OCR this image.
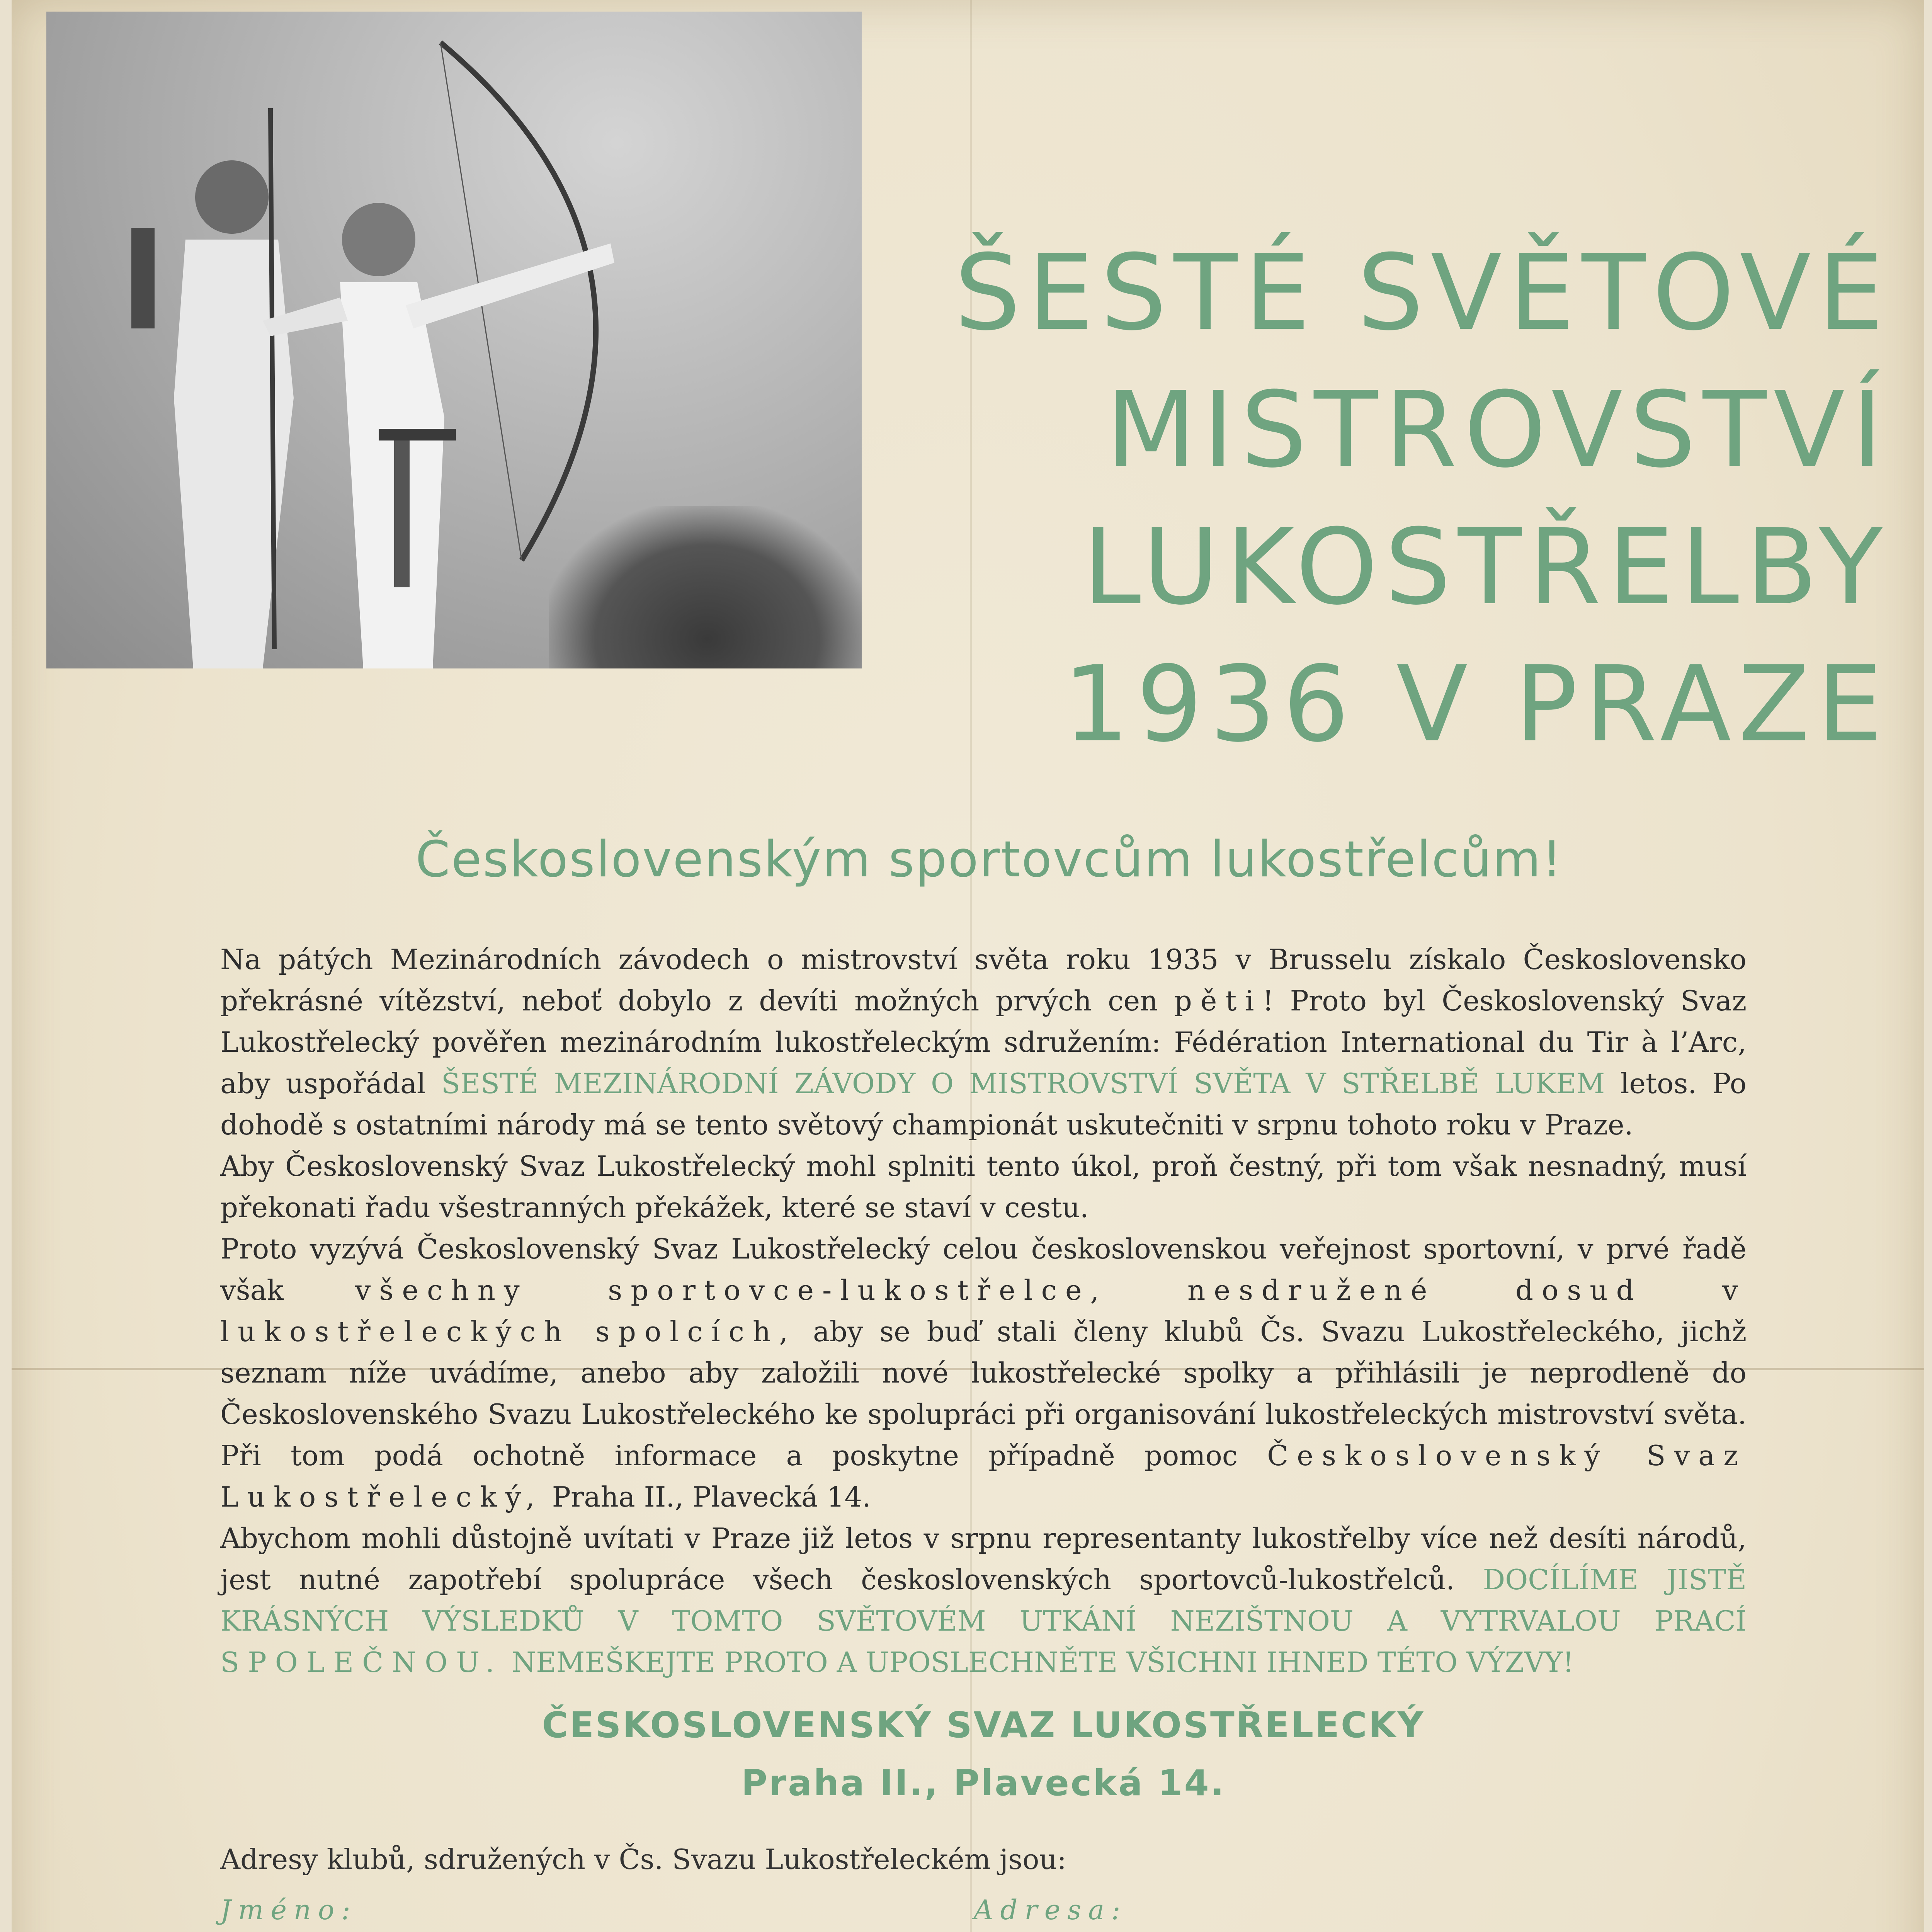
ŠESTÉ SVĚTOVÉ
MISTROVSTVÍ
LUKOSTŘELBY
1936 V PRAZE
Československým sportovcům lukostřelcům!

Na pátých Mezinárodních závodech o mistrovství světa roku 1935 v Brusselu získalo Československo překrásné vítězství, neboť dobylo z devíti možných prvých cen pěti! Proto byl Československý Svaz Lukostřelecký pověřen mezinárodním lukostřeleckým sdružením: Fédération International du Tir à l’Arc, aby uspořádal ŠESTÉ MEZINÁRODNÍ ZÁVODY O MISTROVSTVÍ SVĚTA V STŘELBĚ LUKEM letos. Po dohodě s ostatními národy má se tento světový championát uskutečniti v srpnu tohoto roku v Praze.

Aby Československý Svaz Lukostřelecký mohl splniti tento úkol, proň čestný, při tom však nesnadný, musí překonati řadu všestranných překážek, které se staví v cestu.

Proto vyzývá Československý Svaz Lukostřelecký celou československou veřejnost sportovní, v prvé řadě však	všechny sportovce-lukostřelce, nesdružené dosud v lukostřeleckých spolcích, aby se buď stali členy klubů Čs. Svazu Lukostřeleckého, jichž seznam níže uvádíme, anebo aby založili nové lukostřelecké spolky a přihlásili je neprodleně do Československého Svazu Lukostřeleckého ke spolupráci při organisování lukostřeleckých mistrovství světa. Při tom podá ochotně informace a poskytne případně pomoc Československý Svaz Lukostřelecký, Praha II., Plavecká 14.

Abychom mohli důstojně uvítati v Praze již letos v srpnu representanty lukostřelby více než desíti národů, jest nutné zapotřebí spolupráce všech československých sportovců-lukostřelců. DOCÍLÍME JISTĚ KRÁSNÝCH VÝSLEDKŮ V TOMTO SVĚTOVÉM UTKÁNÍ NEZIŠTNOU A VYTRVALOU PRACÍ SPOLEČNOU. NEMEŠKEJTE PROTO A UPOSLECHNĚTE VŠICHNI IHNED TÉTO VÝZVY!

ČESKOSLOVENSKÝ SVAZ LUKOSTŘELECKÝ
Praha II., Plavecká 14.
Adresy klubů, sdružených v Čs. Svazu Lukostřeleckém jsou:
Jméno:	Adresa:
